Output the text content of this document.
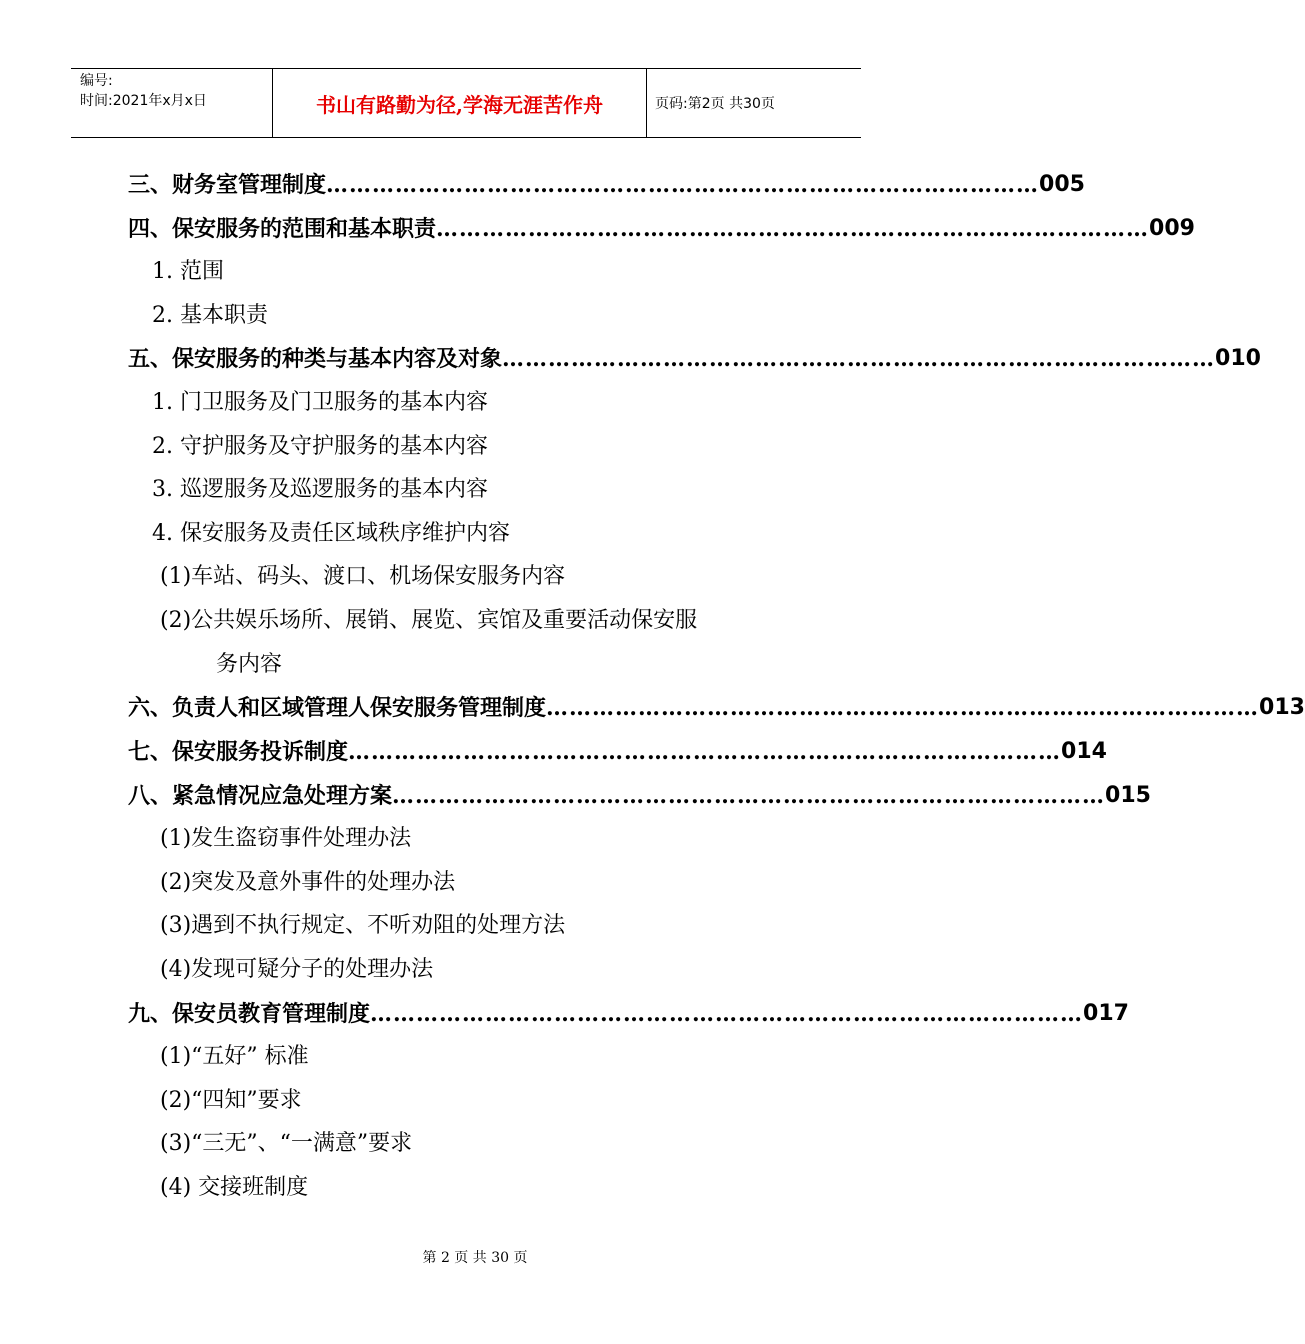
编号:
时间:2021年x月x日	书山有路勤为径,学海无涯苦作舟	页码:第2页 共30页
三、财务室管理制度 ………………………………………………………………………………… 005
四、保安服务的范围和基本职责 ………………………………………………………………………………… 009
1. 范围
2. 基本职责
五、保安服务的种类与基本内容及对象 ………………………………………………………………………………… 010
1. 门卫服务及门卫服务的基本内容
2. 守护服务及守护服务的基本内容
3. 巡逻服务及巡逻服务的基本内容
4. 保安服务及责任区域秩序维护内容
(1)车站、码头、渡口、机场保安服务内容
(2)公共娱乐场所、展销、展览、宾馆及重要活动保安服
务内容
六、负责人和区域管理人保安服务管理制度 ………………………………………………………………………………… 013
七、保安服务投诉制度 ………………………………………………………………………………… 014
八、紧急情况应急处理方案 ………………………………………………………………………………… 015
(1)发生盗窃事件处理办法
(2)突发及意外事件的处理办法
(3)遇到不执行规定、不听劝阻的处理方法
(4)发现可疑分子的处理办法
九、保安员教育管理制度 ………………………………………………………………………………… 017
(1)“五好” 标准
(2)“四知”要求
(3)“三无”、“一满意”要求
(4) 交接班制度
第 2 页 共 30 页
